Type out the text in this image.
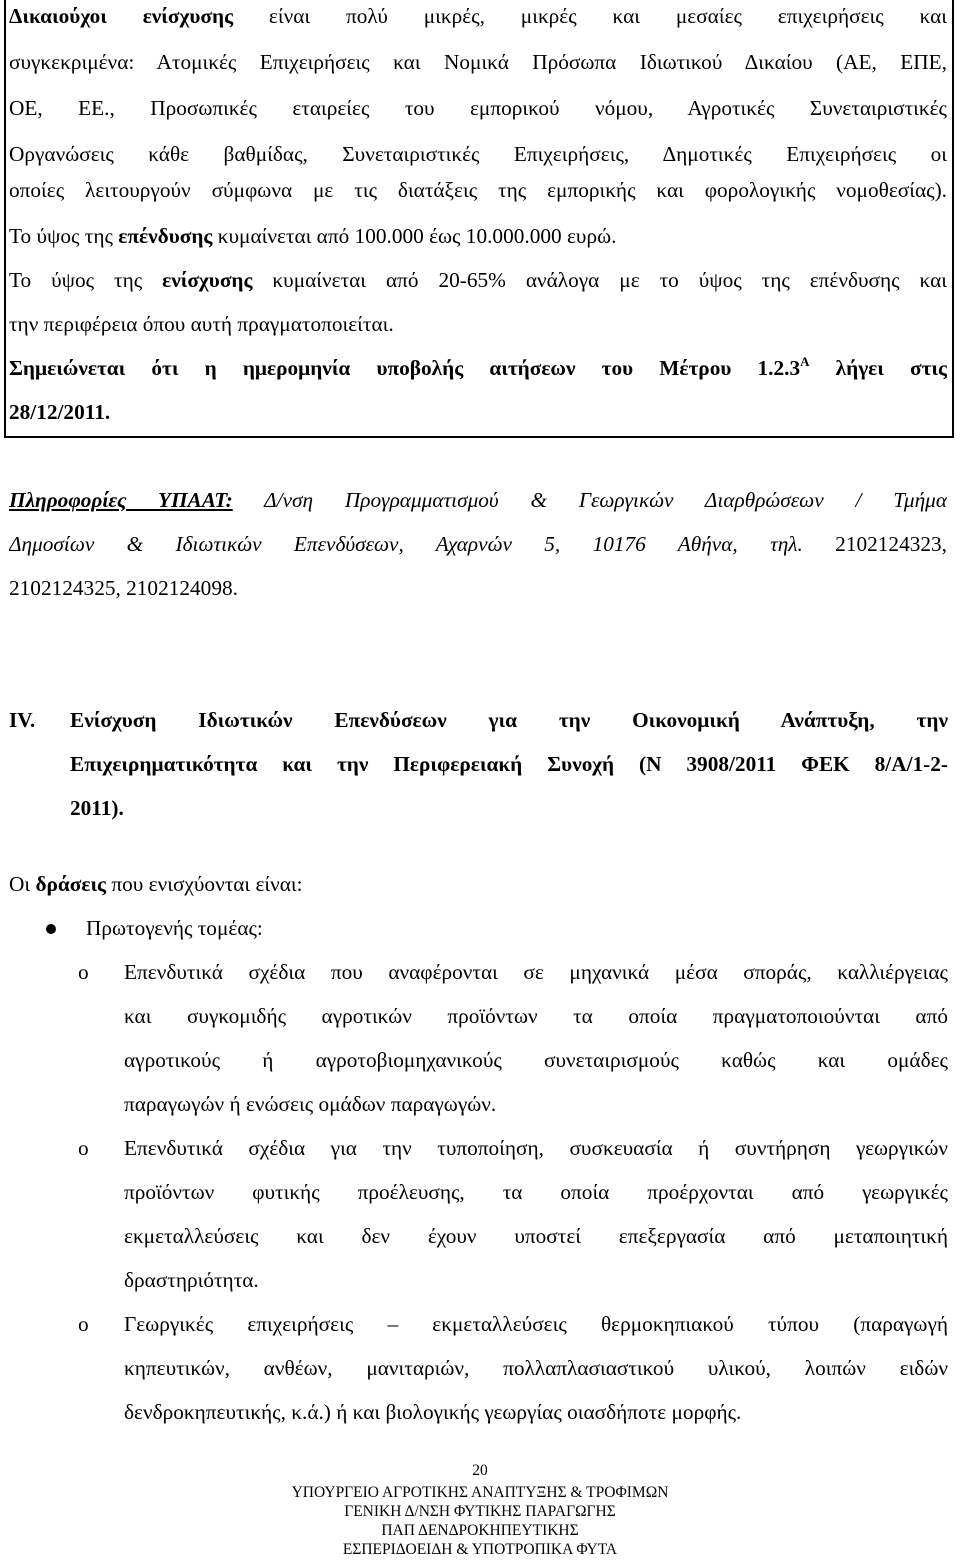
Δικαιούχοι ενίσχυσης είναι πολύ μικρές, μικρές και μεσαίες επιχειρήσεις και
συγκεκριμένα: Ατομικές Επιχειρήσεις και Νομικά Πρόσωπα Ιδιωτικού Δικαίου (ΑΕ, ΕΠΕ,
ΟΕ, ΕΕ., Προσωπικές εταιρείες του εμπορικού νόμου, Αγροτικές Συνεταιριστικές
Οργανώσεις κάθε βαθμίδας, Συνεταιριστικές Επιχειρήσεις, Δημοτικές Επιχειρήσεις οι
οποίες λειτουργούν σύμφωνα με τις διατάξεις της εμπορικής και φορολογικής νομοθεσίας).
Το ύψος της επένδυσης κυμαίνεται από 100.000 έως 10.000.000 ευρώ.
Το ύψος της ενίσχυσης κυμαίνεται από 20-65% ανάλογα με το ύψος της επένδυσης και
την περιφέρεια όπου αυτή πραγματοποιείται.
Σημειώνεται ότι η ημερομηνία υποβολής αιτήσεων του Μέτρου $1.2.3^A$ λήγει στις
28/12/2011.
Πληροφορίες ΥΠΑΑΤ: Δ/νση Προγραμματισμού & Γεωργικών Διαρθρώσεων / Τμήμα
Δημοσίων & Ιδιωτικών Επενδύσεων, Αχαρνών 5, 10176 Αθήνα, τηλ. 2102124323,
2102124325, 2102124098.
IV. Ενίσχυση Ιδιωτικών Επενδύσεων για την Οικονομική Ανάπτυξη, την
Επιχειρηματικότητα και την Περιφερειακή Συνοχή (Ν 3908/2011 ΦΕΚ 8/Α/1-2-
2011).
Οι δράσεις που ενισχύονται είναι:
Πρωτογενής τομέας:
o Επενδυτικά σχέδια που αναφέρονται σε μηχανικά μέσα σποράς, καλλιέργειας
και συγκομιδής αγροτικών προϊόντων τα οποία πραγματοποιούνται από
αγροτικούς ή αγροτοβιομηχανικούς συνεταιρισμούς καθώς και ομάδες
παραγωγών ή ενώσεις ομάδων παραγωγών.
o Επενδυτικά σχέδια για την τυποποίηση, συσκευασία ή συντήρηση γεωργικών
προϊόντων φυτικής προέλευσης, τα οποία προέρχονται από γεωργικές
εκμεταλλεύσεις και δεν έχουν υποστεί επεξεργασία από μεταποιητική
δραστηριότητα.
o Γεωργικές επιχειρήσεις – εκμεταλλεύσεις θερμοκηπιακού τύπου (παραγωγή
κηπευτικών, ανθέων, μανιταριών, πολλαπλασιαστικού υλικού, λοιπών ειδών
δενδροκηπευτικής, κ.ά.) ή και βιολογικής γεωργίας οιασδήποτε μορφής.
20
ΥΠΟΥΡΓΕΙΟ ΑΓΡΟΤΙΚΗΣ ΑΝΑΠΤΥΞΗΣ & ΤΡΟΦΙΜΩΝ
ΓΕΝΙΚΗ Δ/ΝΣΗ ΦΥΤΙΚΗΣ ΠΑΡΑΓΩΓΗΣ
ΠΑΠ ΔΕΝΔΡΟΚΗΠΕΥΤΙΚΗΣ
ΕΣΠΕΡΙΔΟΕΙΔΗ & ΥΠΟΤΡΟΠΙΚΑ ΦΥΤΑ
